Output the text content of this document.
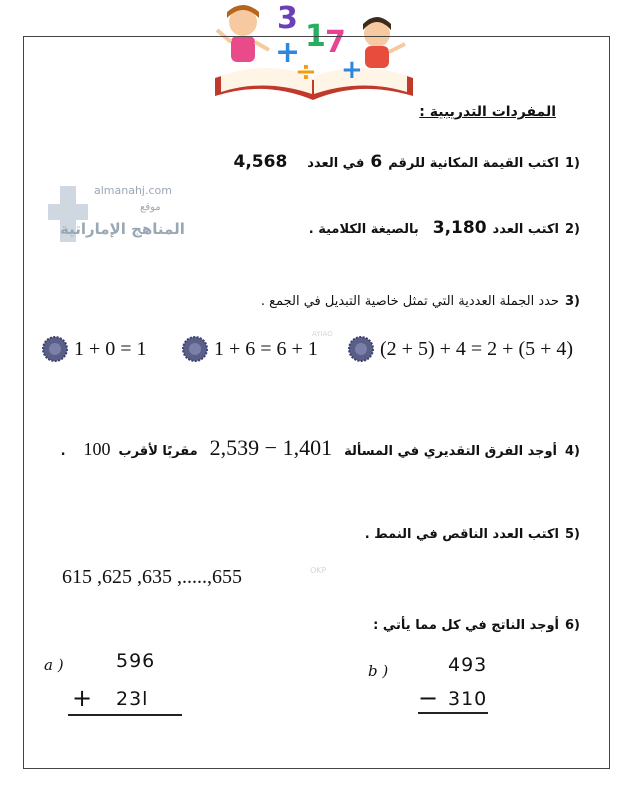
3
+ 1 7
÷ +
المفردات التدريبية :
almanahj.com
موقع
المناهج الإماراتية
AYIAO
OKP
1)
اكتب القيمة المكانية للرقم
6
في العدد
4,568
2)
اكتب العدد
3,180
بالصيغة الكلامية .
3)
حدد الجملة العددية التي تمثل خاصية التبديل في الجمع .
(2 + 5) + 4 = 2 + (5 + 4)
1 + 6 = 6 + 1
1 + 0 = 1
4)
أوجد الفرق التقديري في المسألة
2,539 − 1,401
مقربًا لأقرب
100
.
5)
اكتب العدد الناقص في النمط .
615 ,625 ,635 ,.....,655
6)
أوجد الناتج في كل مما يأتي :
a )	596
+ 23l
b )	493
− 310
